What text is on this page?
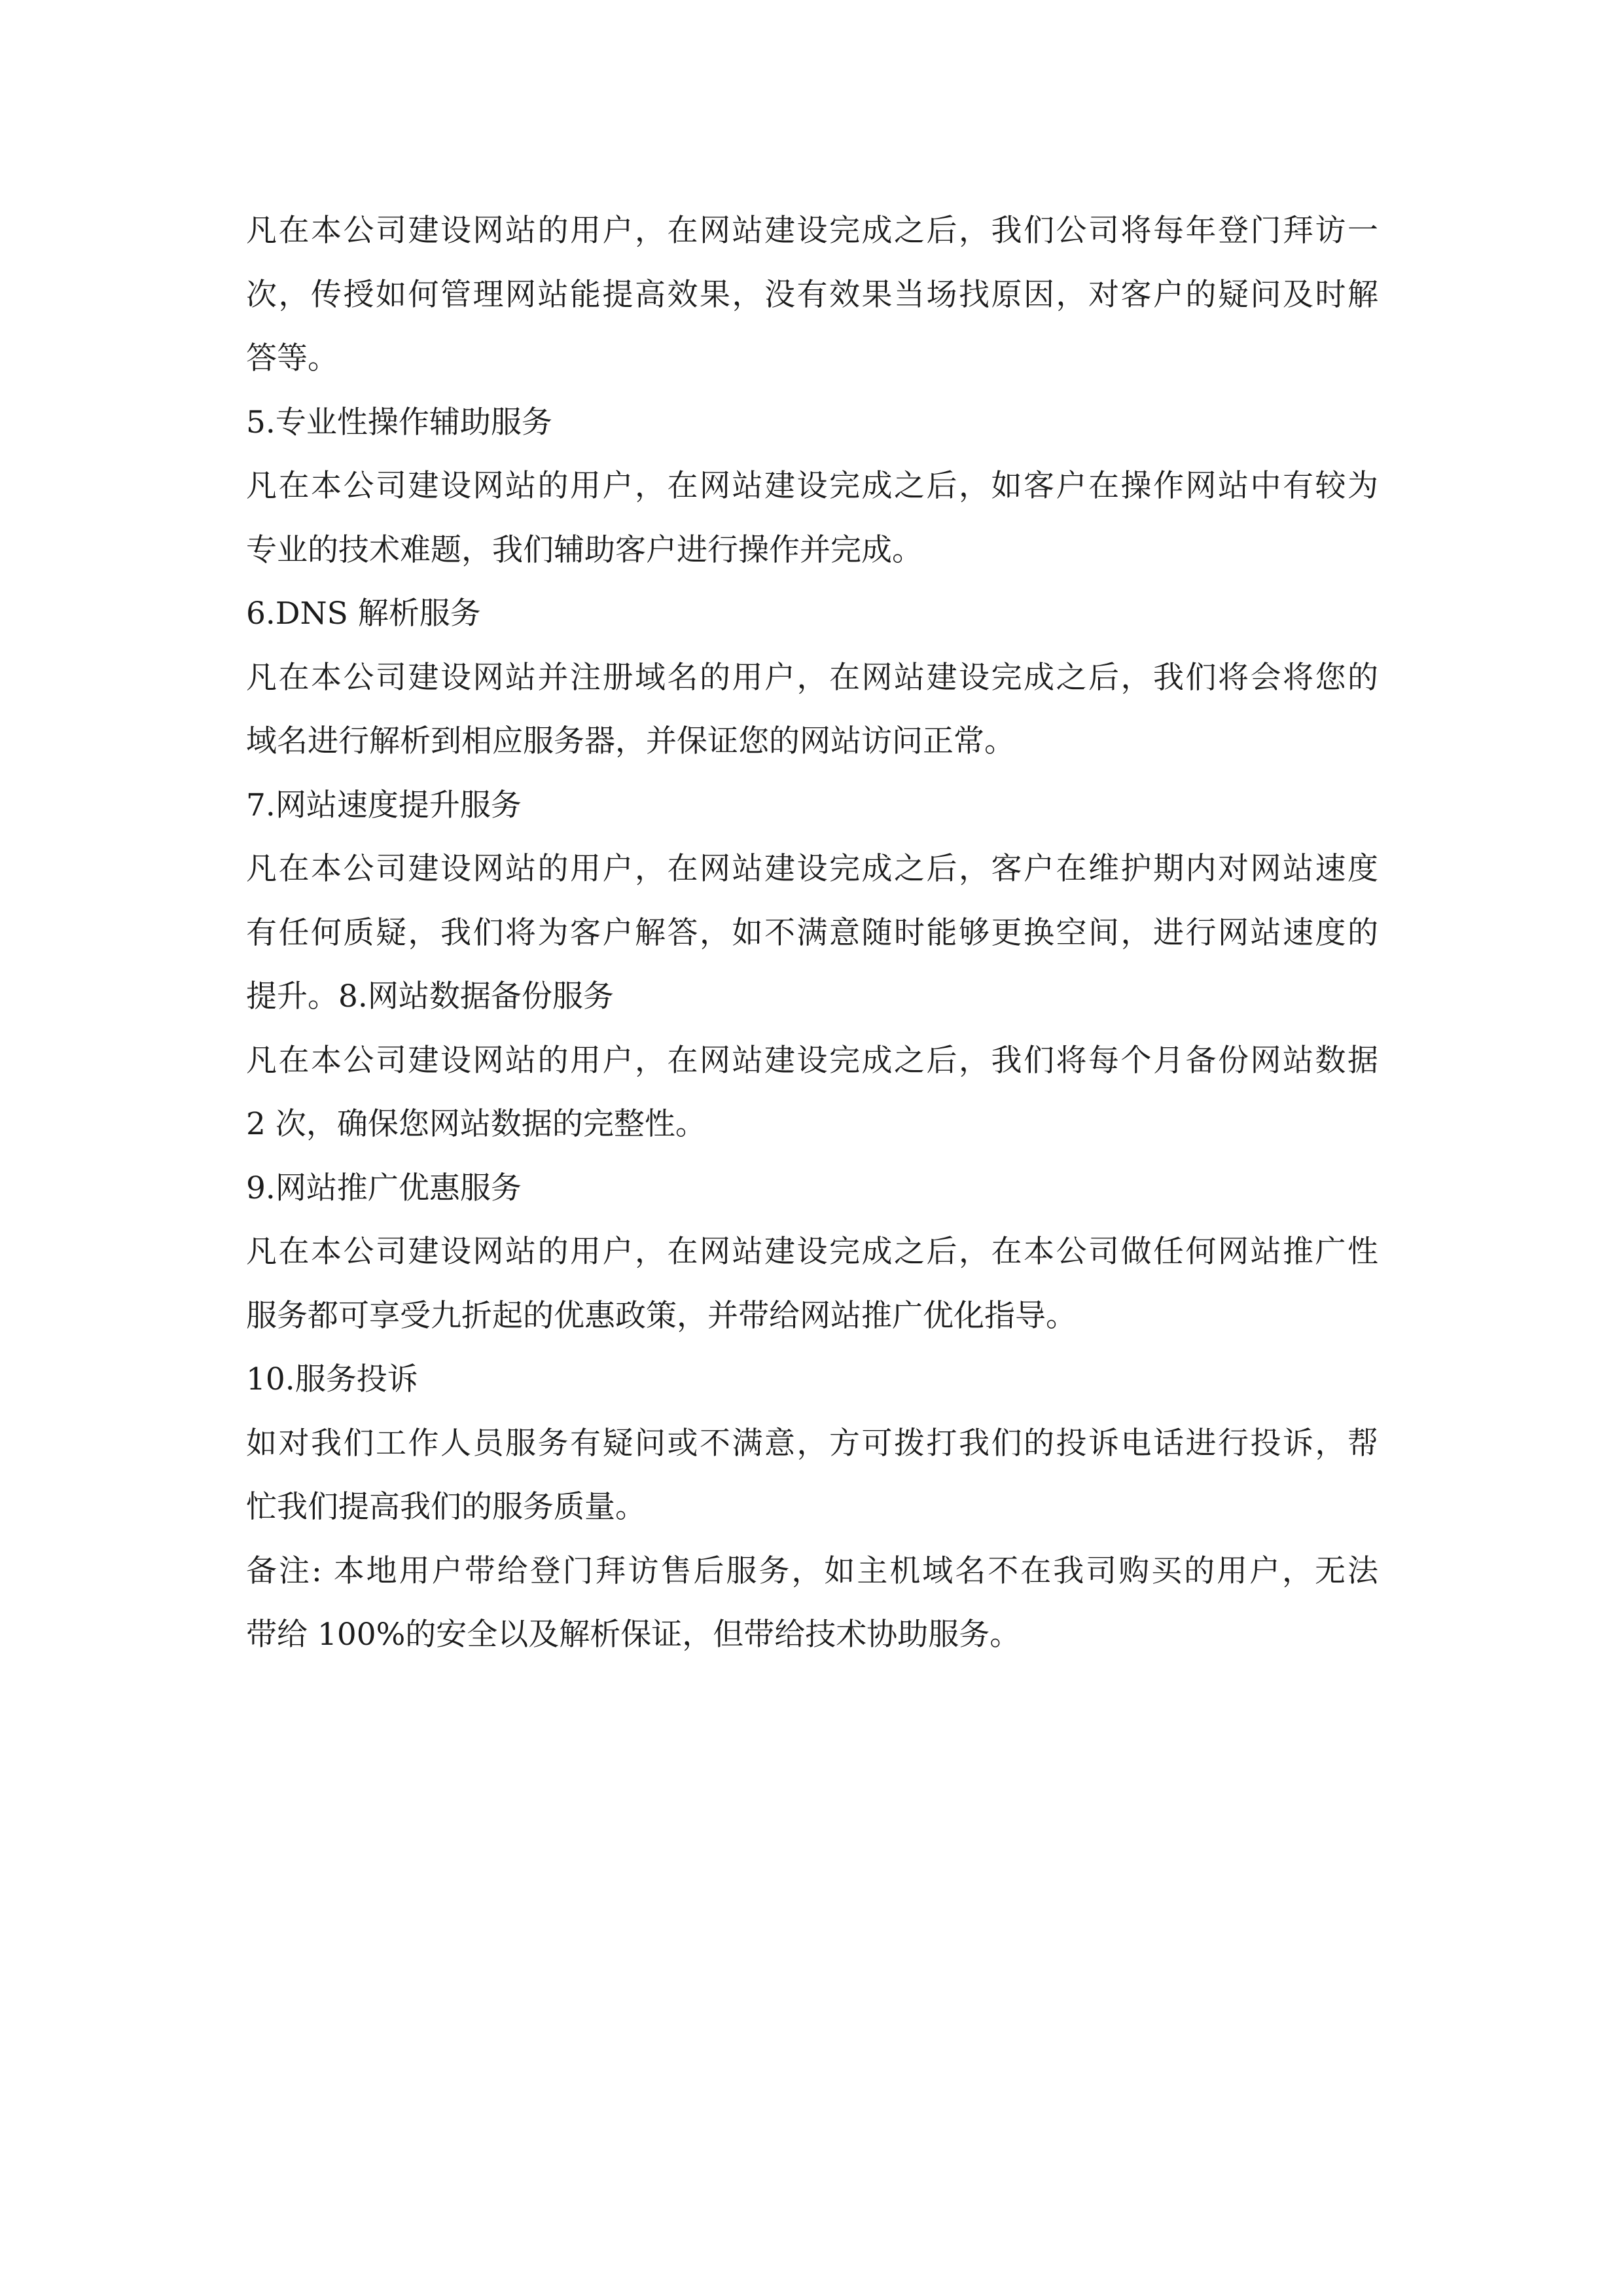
凡在本公司建设网站的用户，在网站建设完成之后，我们公司将每年登门拜访一
次，传授如何管理网站能提高效果，没有效果当场找原因，对客户的疑问及时解
答等。
5.专业性操作辅助服务
凡在本公司建设网站的用户，在网站建设完成之后，如客户在操作网站中有较为
专业的技术难题，我们辅助客户进行操作并完成。
6.DNS 解析服务
凡在本公司建设网站并注册域名的用户，在网站建设完成之后，我们将会将您的
域名进行解析到相应服务器，并保证您的网站访问正常。
7.网站速度提升服务
凡在本公司建设网站的用户，在网站建设完成之后，客户在维护期内对网站速度
有任何质疑，我们将为客户解答，如不满意随时能够更换空间，进行网站速度的
提升。8.网站数据备份服务
凡在本公司建设网站的用户，在网站建设完成之后，我们将每个月备份网站数据
2 次，确保您网站数据的完整性。
9.网站推广优惠服务
凡在本公司建设网站的用户，在网站建设完成之后，在本公司做任何网站推广性
服务都可享受九折起的优惠政策，并带给网站推广优化指导。
10.服务投诉
如对我们工作人员服务有疑问或不满意，方可拨打我们的投诉电话进行投诉，帮
忙我们提高我们的服务质量。
备注: 本地用户带给登门拜访售后服务，如主机域名不在我司购买的用户，无法
带给 100%的安全以及解析保证，但带给技术协助服务。
